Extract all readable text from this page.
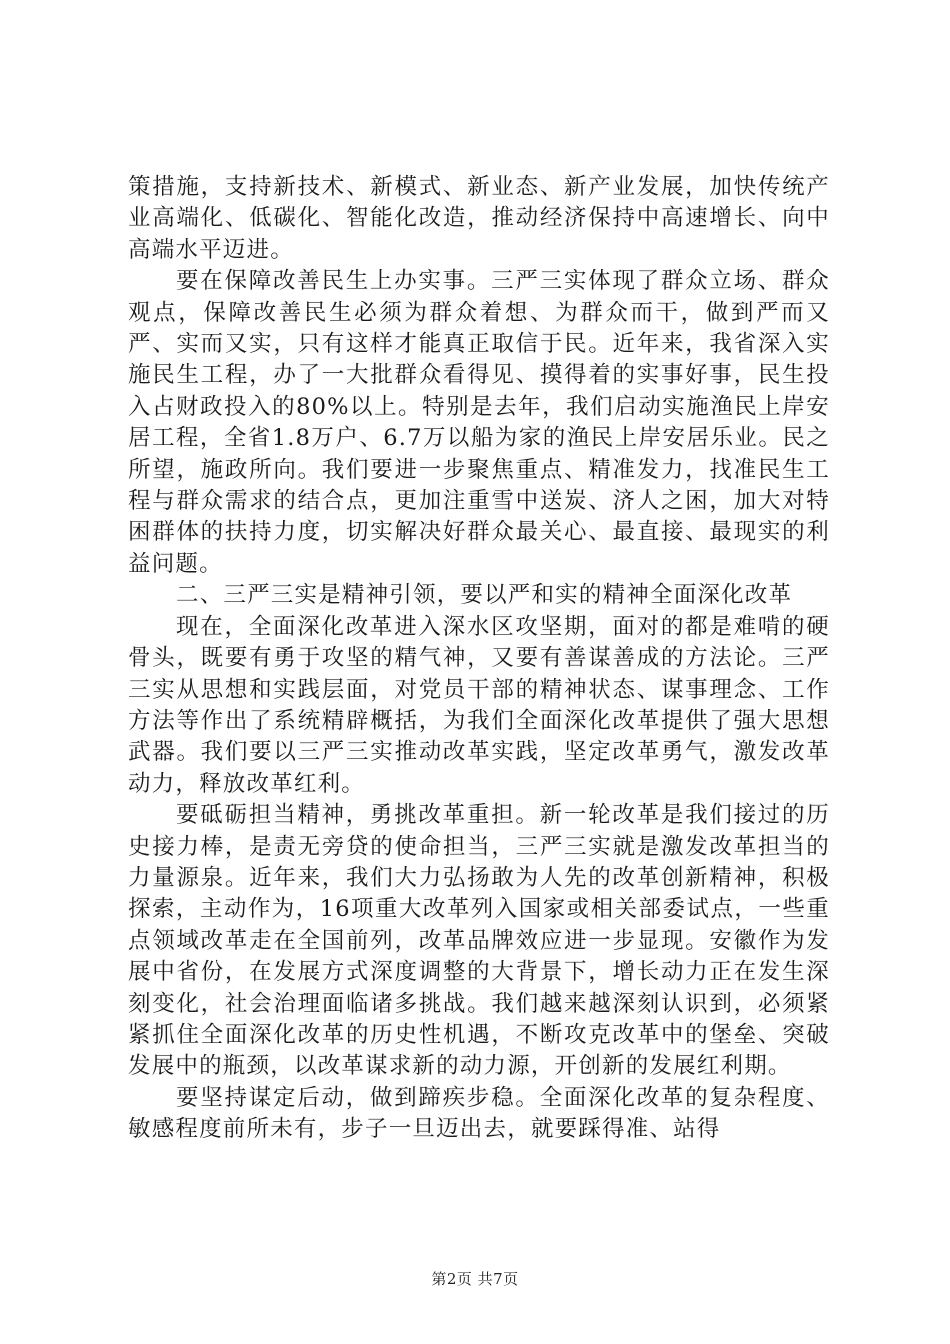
策措施，支持新技术、新模式、新业态、新产业发展，加快传统产业高端化、低碳化、智能化改造，推动经济保持中高速增长、向中高端水平迈进。

要在保障改善民生上办实事。三严三实体现了群众立场、群众观点，保障改善民生必须为群众着想、为群众而干，做到严而又严、实而又实，只有这样才能真正取信于民。近年来，我省深入实施民生工程，办了一大批群众看得见、摸得着的实事好事，民生投入占财政投入的80%以上。特别是去年，我们启动实施渔民上岸安居工程，全省1.8万户、6.7万以船为家的渔民上岸安居乐业。民之所望，施政所向。我们要进一步聚焦重点、精准发力，找准民生工程与群众需求的结合点，更加注重雪中送炭、济人之困，加大对特困群体的扶持力度，切实解决好群众最关心、最直接、最现实的利益问题。

二、三严三实是精神引领，要以严和实的精神全面深化改革

现在，全面深化改革进入深水区攻坚期，面对的都是难啃的硬骨头，既要有勇于攻坚的精气神，又要有善谋善成的方法论。三严三实从思想和实践层面，对党员干部的精神状态、谋事理念、工作方法等作出了系统精辟概括，为我们全面深化改革提供了强大思想武器。我们要以三严三实推动改革实践，坚定改革勇气，激发改革动力，释放改革红利。

要砥砺担当精神，勇挑改革重担。新一轮改革是我们接过的历史接力棒，是责无旁贷的使命担当，三严三实就是激发改革担当的力量源泉。近年来，我们大力弘扬敢为人先的改革创新精神，积极探索，主动作为，16项重大改革列入国家或相关部委试点，一些重点领域改革走在全国前列，改革品牌效应进一步显现。安徽作为发展中省份，在发展方式深度调整的大背景下，增长动力正在发生深刻变化，社会治理面临诸多挑战。我们越来越深刻认识到，必须紧紧抓住全面深化改革的历史性机遇，不断攻克改革中的堡垒、突破发展中的瓶颈，以改革谋求新的动力源，开创新的发展红利期。

要坚持谋定后动，做到蹄疾步稳。全面深化改革的复杂程度、敏感程度前所未有，步子一旦迈出去，就要踩得准、站得

第2页 共7页
